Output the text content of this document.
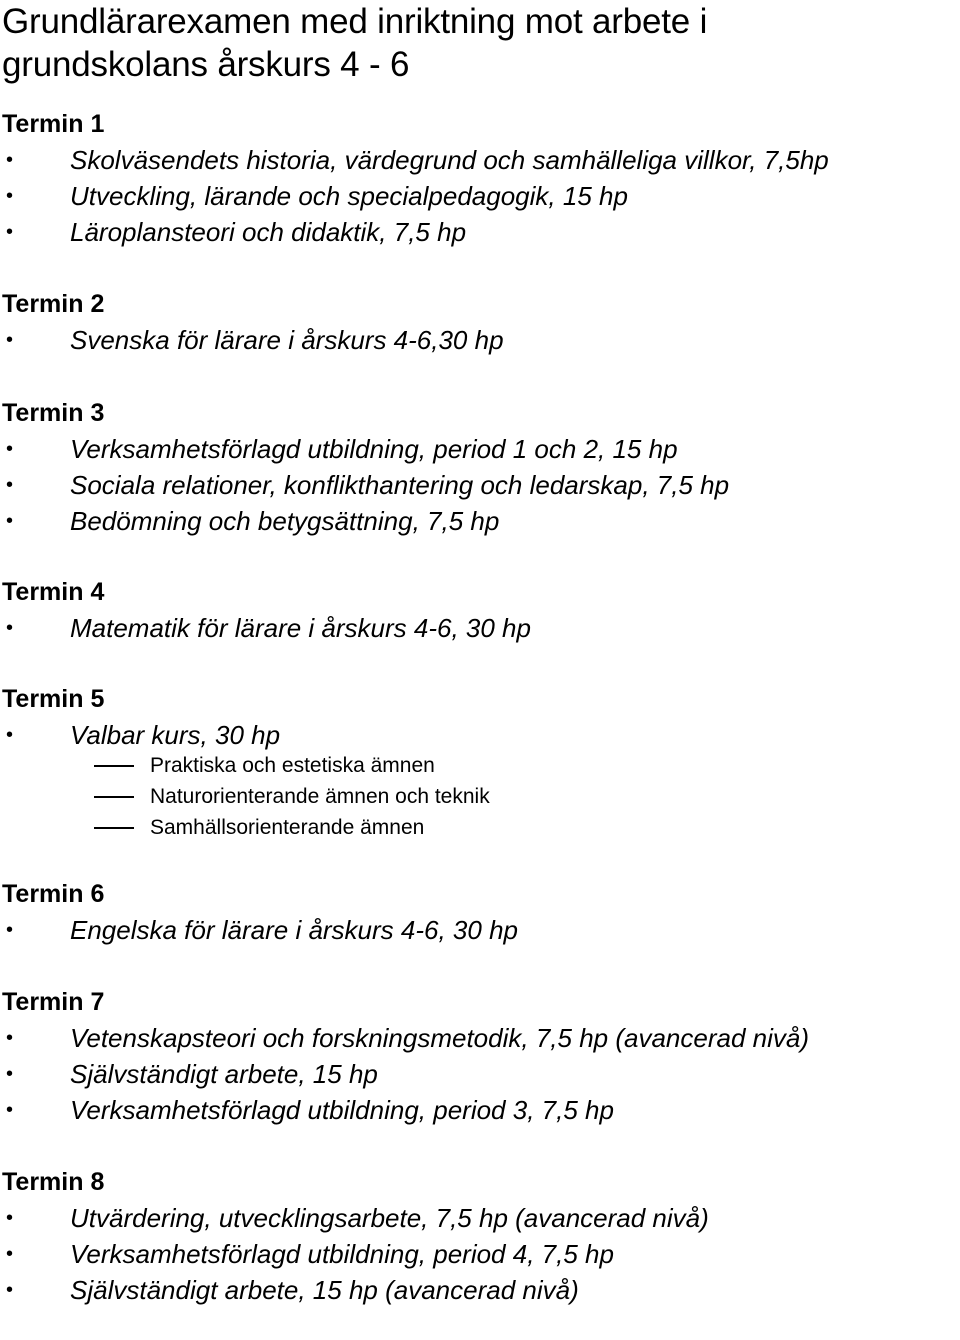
Grundlärarexamen med inriktning mot arbete i
grundskolans årskurs 4 - 6
Termin 1
• Skolväsendets historia, värdegrund och samhälleliga villkor, 7,5hp
• Utveckling, lärande och specialpedagogik, 15 hp
• Läroplansteori och didaktik, 7,5 hp
Termin 2
• Svenska för lärare i årskurs 4-6,30 hp
Termin 3
• Verksamhetsförlagd utbildning, period 1 och 2, 15 hp
• Sociala relationer, konflikthantering och ledarskap, 7,5 hp
• Bedömning och betygsättning, 7,5 hp
Termin 4
• Matematik för lärare i årskurs 4-6, 30 hp
Termin 5
• Valbar kurs, 30 hp
Praktiska och estetiska ämnen
Naturorienterande ämnen och teknik
Samhällsorienterande ämnen
Termin 6
• Engelska för lärare i årskurs 4-6, 30 hp
Termin 7
• Vetenskapsteori och forskningsmetodik, 7,5 hp (avancerad nivå)
• Självständigt arbete, 15 hp
• Verksamhetsförlagd utbildning, period 3, 7,5 hp
Termin 8
• Utvärdering, utvecklingsarbete, 7,5 hp (avancerad nivå)
• Verksamhetsförlagd utbildning, period 4, 7,5 hp
• Självständigt arbete, 15 hp (avancerad nivå)
